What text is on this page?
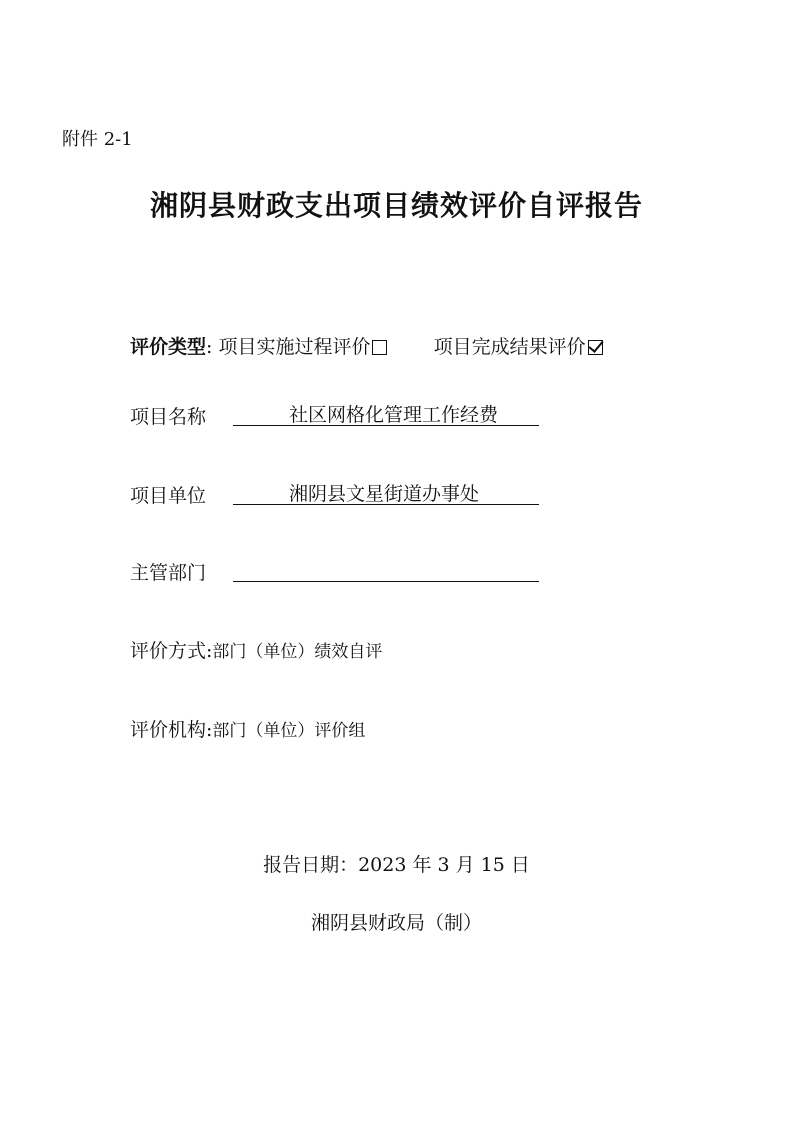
附件 2-1
湘阴县财政支出项目绩效评价自评报告
评价类型: 项目实施过程评价	项目完成结果评价
项目名称	社区网格化管理工作经费
项目单位	湘阴县文星街道办事处
主管部门
评价方式:部门（单位）绩效自评
评价机构:部门（单位）评价组
报告日期：2023 年 3 月 15 日
湘阴县财政局（制）
